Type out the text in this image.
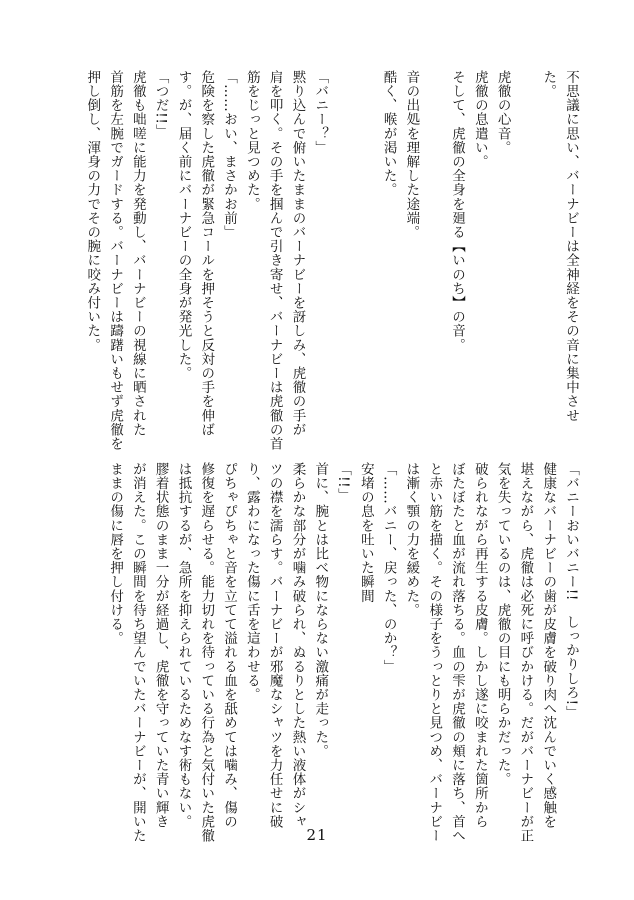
不思議に思い、バーナビーは全神経をその音に集中させ
た。

虎徹の心音。
虎徹の息遣い。
そして、虎徹の全身を廻る【いのち】の音。

音の出処を理解した途端。
酷く、喉が渇いた。

「バニー？」
黙り込んで俯いたままのバーナビーを訝しみ、虎徹の手が
肩を叩く。その手を掴んで引き寄せ、バーナビーは虎徹の首
筋をじっと見つめた。
「……おい、まさかお前」
危険を察した虎徹が緊急コールを押そうと反対の手を伸ば
す。が、届く前にバーナビーの全身が発光した。
「つだ!!」
虎徹も咄嗟に能力を発動し、バーナビーの視線に晒された
首筋を左腕でガードする。バーナビーは躊躇いもせず虎徹を
押し倒し、渾身の力でその腕に咬み付いた。
「バニーおいバニー!!　しっかりしろ!」
健康なバーナビーの歯が皮膚を破り肉へ沈んでいく感触を
堪えながら、虎徹は必死に呼びかける。だがバーナビーが正
気を失っているのは、虎徹の目にも明らかだった。
破られながら再生する皮膚。しかし遂に咬まれた箇所から
ぼたぼたと血が流れ落ちる。血の雫が虎徹の頬に落ち、首へ
と赤い筋を描く。その様子をうっとりと見つめ、バーナビー
は漸く顎の力を緩めた。
「……バニー、戻った、のか？」
安堵の息を吐いた瞬間
「!!」
首に、腕とは比べ物にならない激痛が走った。
柔らかな部分が噛み破られ、ぬるりとした熱い液体がシャ
ツの襟を濡らす。バーナビーが邪魔なシャツを力任せに破
り、露わになった傷に舌を這わせる。
ぴちゃぴちゃと音を立てて溢れる血を舐めては噛み、傷の
修復を遅らせる。能力切れを待っている行為と気付いた虎徹
は抵抗するが、急所を抑えられているためなす術もない。
膠着状態のまま一分が経過し、虎徹を守っていた青い輝き
が消えた。この瞬間を待ち望んでいたバーナビーが、開いた
ままの傷に唇を押し付ける。
21
